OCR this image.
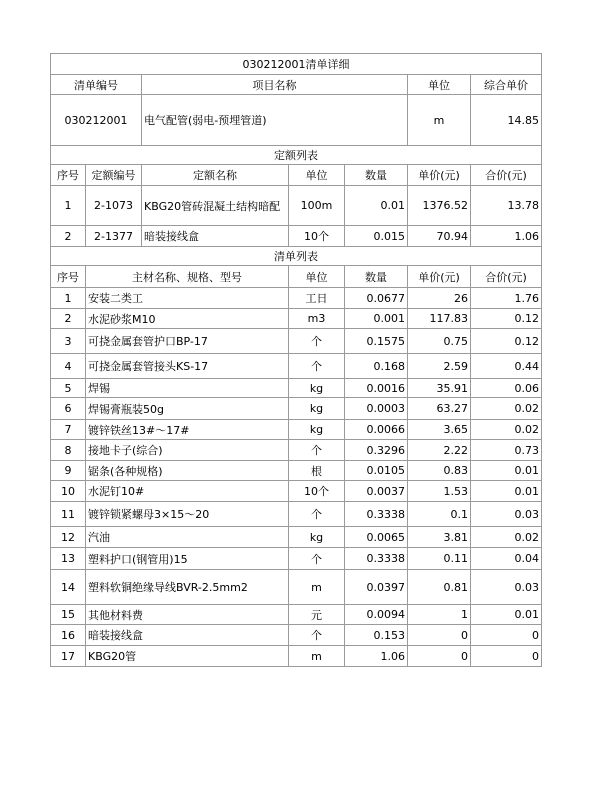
030212001清单详细						
清单编号		项目名称			单位	综合单价
030212001		电气配管(弱电-预埋管道)			m	14.85
定额列表						
序号	定额编号	定额名称	单位	数量	单价(元)	合价(元)
1	2-1073	KBG20管砖混凝土结构暗配	100m	0.01	1376.52	13.78
2	2-1377	暗装接线盒	10个	0.015	70.94	1.06
清单列表						
序号	主材名称、规格、型号		单位	数量	单价(元)	合价(元)
1	安装二类工		工日	0.0677	26	1.76
2	水泥砂浆M10		m3	0.001	117.83	0.12
3	可挠金属套管护口BP-17		个	0.1575	0.75	0.12
4	可挠金属套管接头KS-17		个	0.168	2.59	0.44
5	焊锡		kg	0.0016	35.91	0.06
6	焊锡膏瓶装50g		kg	0.0003	63.27	0.02
7	镀锌铁丝13#～17#		kg	0.0066	3.65	0.02
8	接地卡子(综合)		个	0.3296	2.22	0.73
9	锯条(各种规格)		根	0.0105	0.83	0.01
10	水泥钉10#		10个	0.0037	1.53	0.01
11	镀锌锁紧螺母3×15～20		个	0.3338	0.1	0.03
12	汽油		kg	0.0065	3.81	0.02
13	塑料护口(钢管用)15		个	0.3338	0.11	0.04
14	塑料软铜绝缘导线BVR-2.5mm2		m	0.0397	0.81	0.03
15	其他材料费		元	0.0094	1	0.01
16	暗装接线盒		个	0.153	0	0
17	KBG20管		m	1.06	0	0
